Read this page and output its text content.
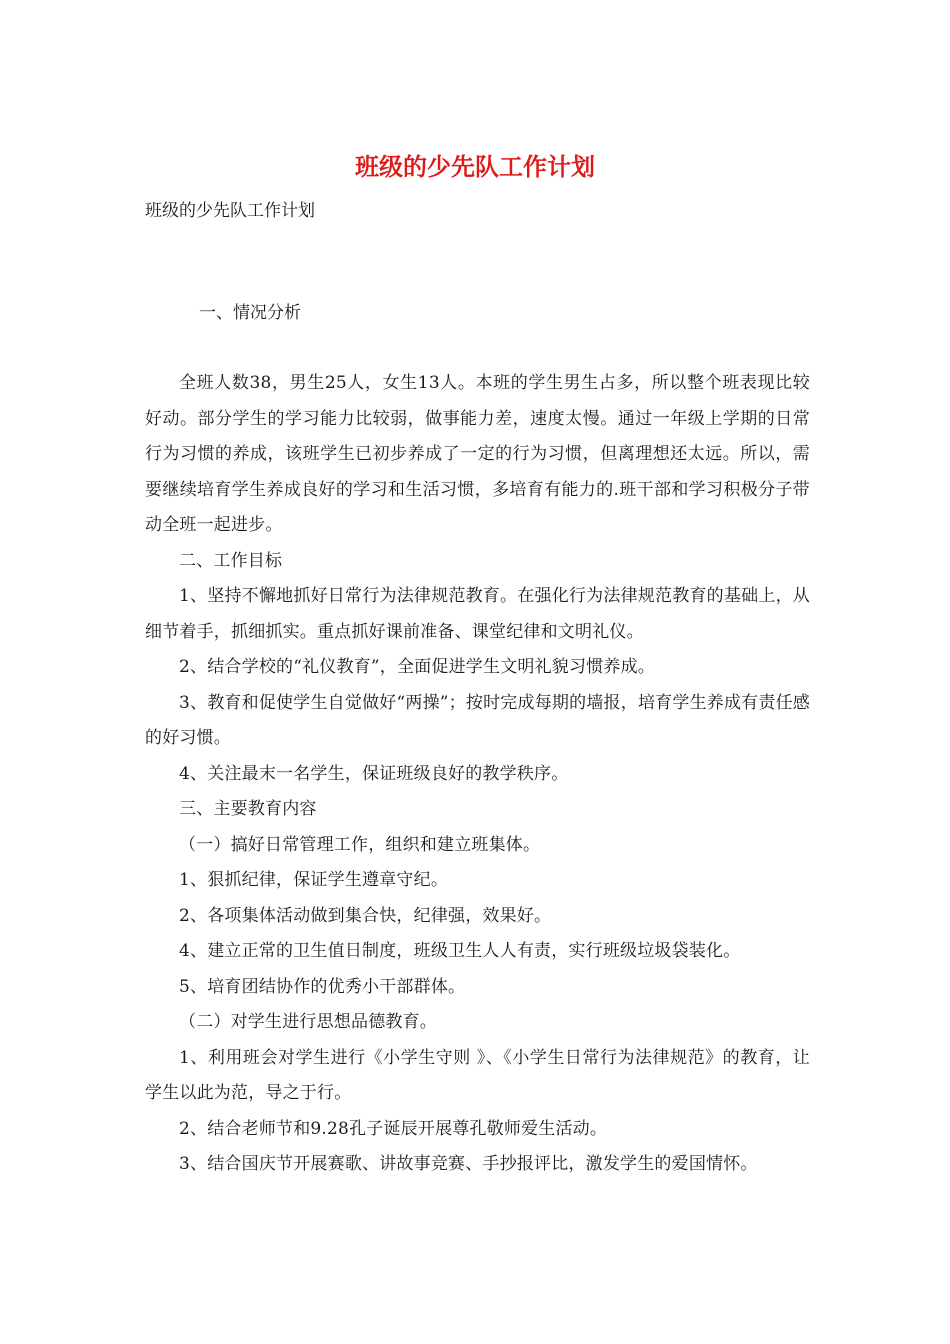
班级的少先队工作计划
班级的少先队工作计划
一、情况分析

全班人数38，男生25人，女生13人。本班的学生男生占多，所以整个班表现比较好动。部分学生的学习能力比较弱，做事能力差，速度太慢。通过一年级上学期的日常行为习惯的养成，该班学生已初步养成了一定的行为习惯，但离理想还太远。所以，需要继续培育学生养成良好的学习和生活习惯，多培育有能力的.班干部和学习积极分子带动全班一起进步。

二、工作目标

1、坚持不懈地抓好日常行为法律规范教育。在强化行为法律规范教育的基础上，从细节着手，抓细抓实。重点抓好课前准备、课堂纪律和文明礼仪。

2、结合学校的“礼仪教育”，全面促进学生文明礼貌习惯养成。

3、教育和促使学生自觉做好“两操”；按时完成每期的墙报，培育学生养成有责任感的好习惯。

4、关注最末一名学生，保证班级良好的教学秩序。

三、主要教育内容

（一）搞好日常管理工作，组织和建立班集体。

1、狠抓纪律，保证学生遵章守纪。

2、各项集体活动做到集合快，纪律强，效果好。

4、建立正常的卫生值日制度，班级卫生人人有责，实行班级垃圾袋装化。

5、培育团结协作的优秀小干部群体。

（二）对学生进行思想品德教育。

1、利用班会对学生进行《小学生守则 》、《小学生日常行为法律规范》的教育，让学生以此为范，导之于行。

2、结合老师节和9.28孔子诞辰开展尊孔敬师爱生活动。

3、结合国庆节开展赛歌、讲故事竞赛、手抄报评比，激发学生的爱国情怀。
